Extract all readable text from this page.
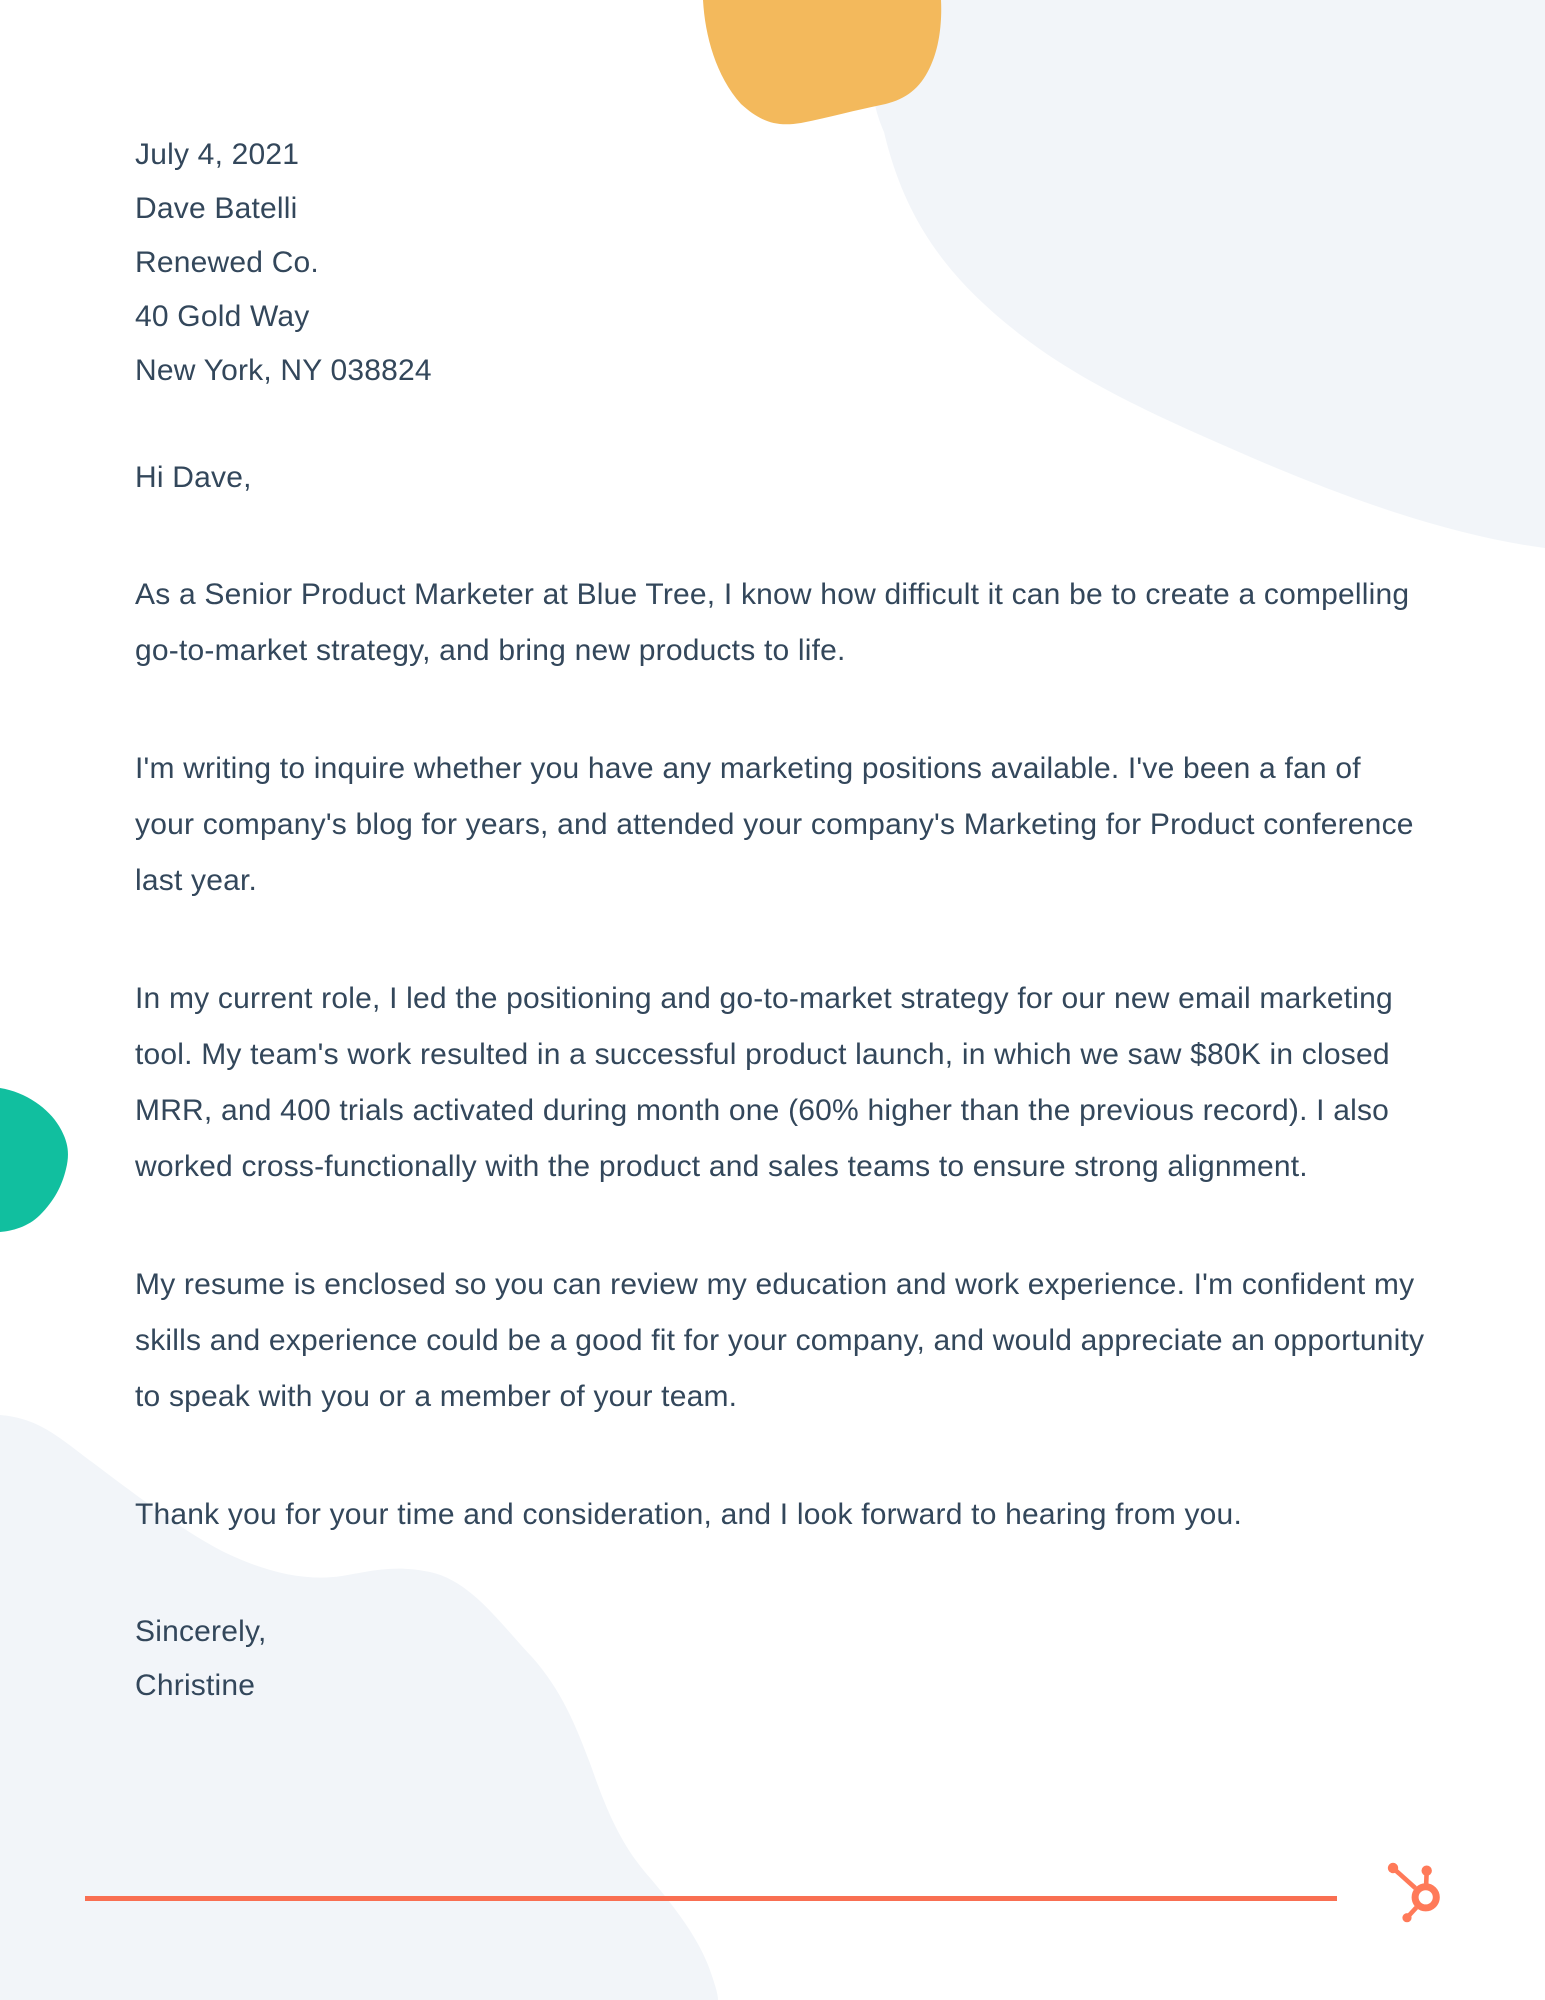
July 4, 2021

Dave Batelli

Renewed Co.

40 Gold Way

New York, NY 038824

Hi Dave,

As a Senior Product Marketer at Blue Tree, I know how difficult it can be to create a compelling go-to-market strategy, and bring new products to life.

I'm writing to inquire whether you have any marketing positions available. I've been a fan of your company's blog for years, and attended your company's Marketing for Product conference last year.

In my current role, I led the positioning and go-to-market strategy for our new email marketing tool. My team's work resulted in a successful product launch, in which we saw $80K in closed MRR, and 400 trials activated during month one (60% higher than the previous record). I also worked cross-functionally with the product and sales teams to ensure strong alignment.

My resume is enclosed so you can review my education and work experience. I'm confident my skills and experience could be a good fit for your company, and would appreciate an opportunity to speak with you or a member of your team.

Thank you for your time and consideration, and I look forward to hearing from you.

Sincerely,

Christine
